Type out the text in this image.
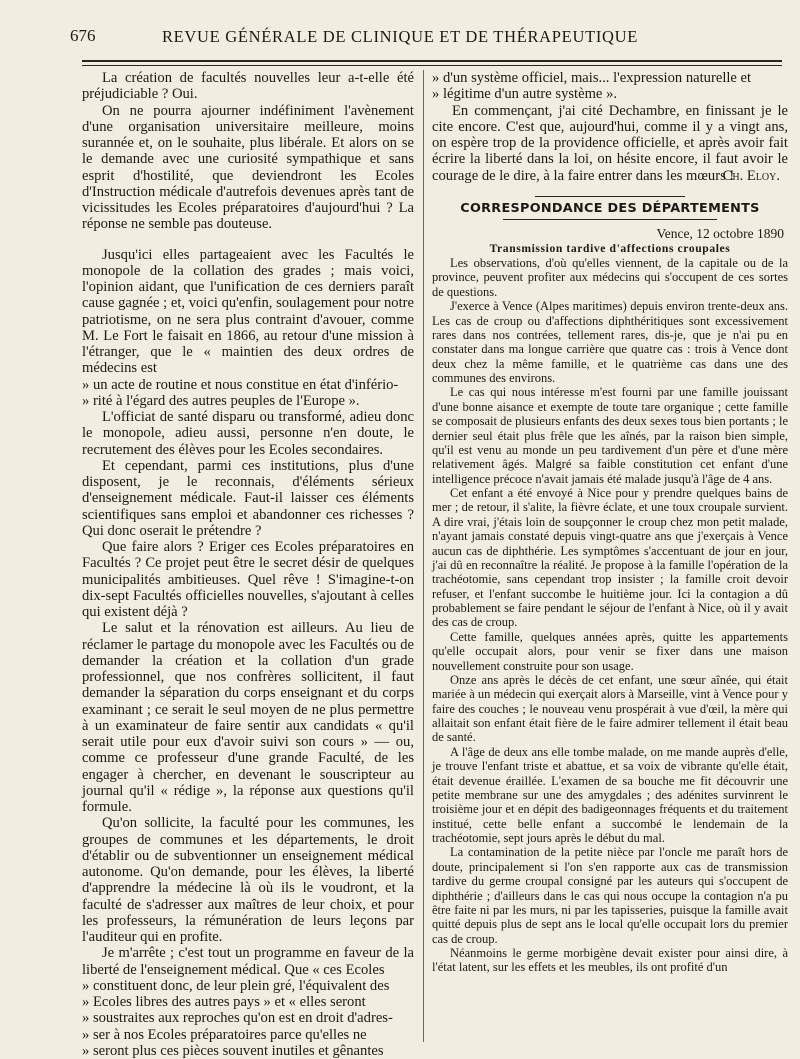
676	REVUE GÉNÉRALE DE CLINIQUE ET DE THÉRAPEUTIQUE

La création de facultés nouvelles leur a-t-elle été préjudiciable ? Oui.

On ne pourra ajourner indéfiniment l'avènement d'une organisation universitaire meilleure, moins surannée et, on le souhaite, plus libérale. Et alors on se le demande avec une curiosité sympathique et sans esprit d'hostilité, que deviendront les Ecoles d'Instruction médicale d'autrefois devenues après tant de vicissitudes les Ecoles préparatoires d'aujourd'hui ? La réponse ne semble pas douteuse.

Jusqu'ici elles partageaient avec les Facultés le monopole de la collation des grades ; mais voici, l'opinion aidant, que l'unification de ces derniers paraît cause gagnée ; et, voici qu'enfin, soulagement pour notre patriotisme, on ne sera plus contraint d'avouer, comme M. Le Fort le faisait en 1866, au retour d'une mission à l'étranger, que le « maintien des deux ordres de médecins est

» un acte de routine et nous constitue en état d'infério-

» rité à l'égard des autres peuples de l'Europe ».

L'officiat de santé disparu ou transformé, adieu donc le monopole, adieu aussi, personne n'en doute, le recrutement des élèves pour les Ecoles secondaires.

Et cependant, parmi ces institutions, plus d'une disposent, je le reconnais, d'éléments sérieux d'enseignement médicale. Faut-il laisser ces éléments scientifiques sans emploi et abandonner ces richesses ? Qui donc oserait le prétendre ?

Que faire alors ? Eriger ces Ecoles préparatoires en Facultés ? Ce projet peut être le secret désir de quelques municipalités ambitieuses. Quel rêve ! S'imagine-t-on dix-sept Facultés officielles nouvelles, s'ajoutant à celles qui existent déjà ?

Le salut et la rénovation est ailleurs. Au lieu de réclamer le partage du monopole avec les Facultés ou de demander la création et la collation d'un grade professionnel, que nos confrères sollicitent, il faut demander la séparation du corps enseignant et du corps examinant ; ce serait le seul moyen de ne plus permettre à un examinateur de faire sentir aux candidats « qu'il serait utile pour eux d'avoir suivi son cours » — ou, comme ce professeur d'une grande Faculté, de les engager à chercher, en devenant le souscripteur au journal qu'il « rédige », la réponse aux questions qu'il formule.

Qu'on sollicite, la faculté pour les communes, les groupes de communes et les départements, le droit d'établir ou de subventionner un enseignement médical autonome. Qu'on demande, pour les élèves, la liberté d'apprendre la médecine là où ils le voudront, et la faculté de s'adresser aux maîtres de leur choix, et pour les professeurs, la rémunération de leurs leçons par l'auditeur qui en profite.

Je m'arrête ; c'est tout un programme en faveur de la liberté de l'enseignement médical. Que « ces Ecoles

» constituent donc, de leur plein gré, l'équivalent des

» Ecoles libres des autres pays » et « elles seront

» soustraites aux reproches qu'on est en droit d'adres-

» ser à nos Ecoles préparatoires parce qu'elles ne

» seront plus ces pièces souvent inutiles et gênantes

» d'un système officiel, mais... l'expression naturelle et

» légitime d'un autre système ».

En commençant, j'ai cité Dechambre, en finissant je le cite encore. C'est que, aujourd'hui, comme il y a vingt ans, on espère trop de la providence officielle, et après avoir fait écrire la liberté dans la loi, on hésite encore, il faut avoir le courage de le dire, à la faire entrer dans les mœurs !

Ch. Eloy.
CORRESPONDANCE DES DÉPARTEMENTS
Vence, 12 octobre 1890
Transmission tardive d'affections croupales

Les observations, d'où qu'elles viennent, de la capitale ou de la province, peuvent profiter aux médecins qui s'occupent de ces sortes de questions.

J'exerce à Vence (Alpes maritimes) depuis environ trente-deux ans. Les cas de croup ou d'affections diphthéritiques sont excessivement rares dans nos contrées, tellement rares, dis-je, que je n'ai pu en constater dans ma longue carrière que quatre cas : trois à Vence dont deux chez la même famille, et le quatrième cas dans une des communes des environs.

Le cas qui nous intéresse m'est fourni par une famille jouissant d'une bonne aisance et exempte de toute tare organique ; cette famille se composait de plusieurs enfants des deux sexes tous bien portants ; le dernier seul était plus frêle que les aînés, par la raison bien simple, qu'il est venu au monde un peu tardivement d'un père et d'une mère relativement âgés. Malgré sa faible constitution cet enfant d'une intelligence précoce n'avait jamais été malade jusqu'à l'âge de 4 ans.

Cet enfant a été envoyé à Nice pour y prendre quelques bains de mer ; de retour, il s'alite, la fièvre éclate, et une toux croupale survient. A dire vrai, j'étais loin de soupçonner le croup chez mon petit malade, n'ayant jamais constaté depuis vingt-quatre ans que j'exerçais à Vence aucun cas de diphthérie. Les symptômes s'accentuant de jour en jour, j'ai dû en reconnaître la réalité. Je propose à la famille l'opération de la trachéotomie, sans cependant trop insister ; la famille croit devoir refuser, et l'enfant succombe le huitième jour. Ici la contagion a dû probablement se faire pendant le séjour de l'enfant à Nice, où il y avait des cas de croup.

Cette famille, quelques années après, quitte les appartements qu'elle occupait alors, pour venir se fixer dans une maison nouvellement construite pour son usage.

Onze ans après le décès de cet enfant, une sœur aînée, qui était mariée à un médecin qui exerçait alors à Marseille, vint à Vence pour y faire des couches ; le nouveau venu prospérait à vue d'œil, la mère qui allaitait son enfant était fière de le faire admirer tellement il était beau de santé.

A l'âge de deux ans elle tombe malade, on me mande auprès d'elle, je trouve l'enfant triste et abattue, et sa voix de vibrante qu'elle était, était devenue éraillée. L'examen de sa bouche me fit découvrir une petite membrane sur une des amygdales ; des adénites survinrent le troisième jour et en dépit des badigeonnages fréquents et du traitement institué, cette belle enfant a succombé le lendemain de la trachéotomie, sept jours après le début du mal.

La contamination de la petite nièce par l'oncle me paraît hors de doute, principalement si l'on s'en rapporte aux cas de transmission tardive du germe croupal consigné par les auteurs qui s'occupent de diphthérie ; d'ailleurs dans le cas qui nous occupe la contagion n'a pu être faite ni par les murs, ni par les tapisseries, puisque la famille avait quitté depuis plus de sept ans le local qu'elle occupait lors du premier cas de croup.

Néanmoins le germe morbigène devait exister pour ainsi dire, à l'état latent, sur les effets et les meubles, ils ont profité d'un
